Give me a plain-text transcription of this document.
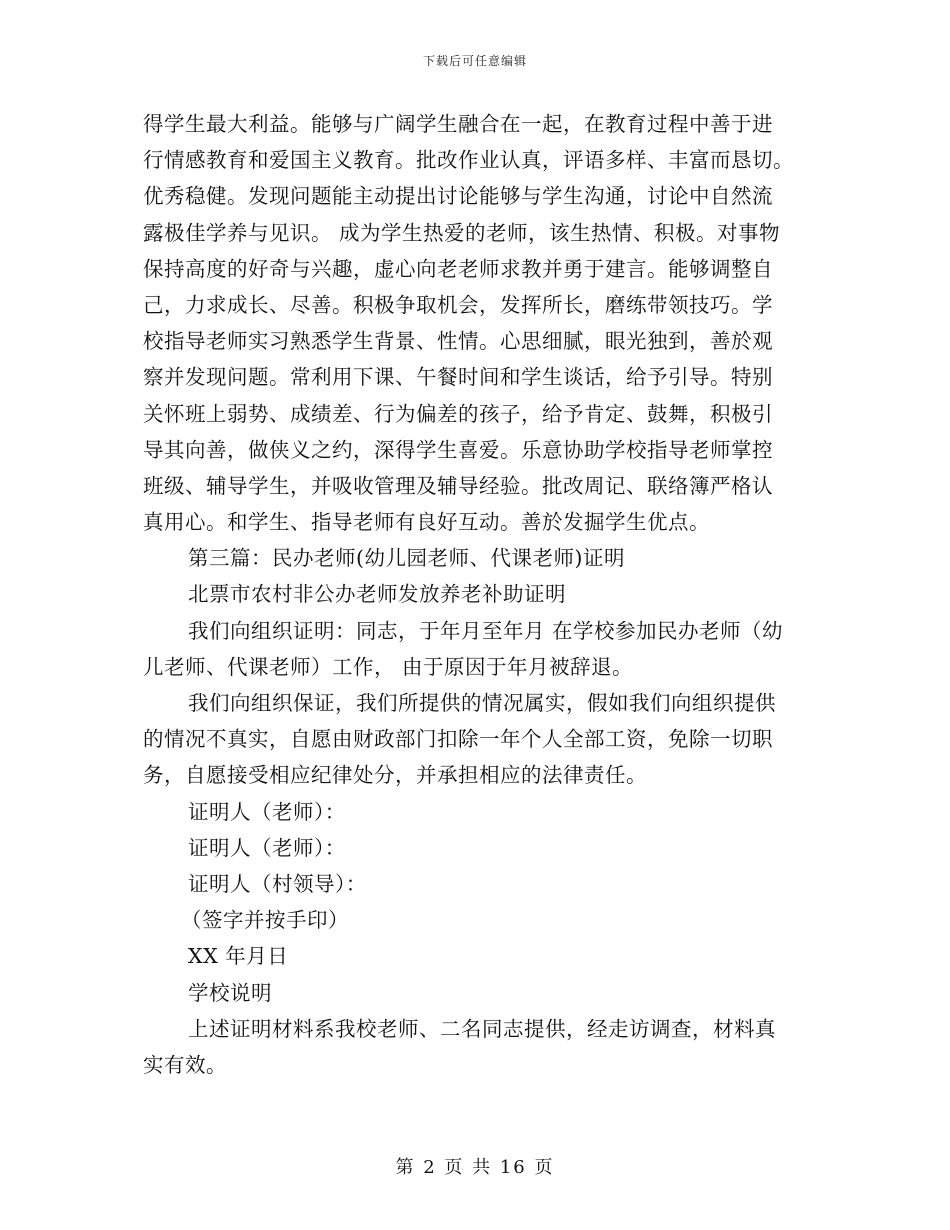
下载后可任意编辑
得学生最大利益。能够与广阔学生融合在一起，在教育过程中善于进
行情感教育和爱国主义教育。批改作业认真，评语多样、丰富而恳切。
优秀稳健。发现问题能主动提出讨论能够与学生沟通，讨论中自然流
露极佳学养与见识。 成为学生热爱的老师，该生热情、积极。对事物
保持高度的好奇与兴趣，虚心向老老师求教并勇于建言。能够调整自
己，力求成长、尽善。积极争取机会，发挥所长，磨练带领技巧。学
校指导老师实习熟悉学生背景、性情。心思细腻，眼光独到，善於观
察并发现问题。常利用下课、午餐时间和学生谈话，给予引导。特别
关怀班上弱势、成绩差、行为偏差的孩子，给予肯定、鼓舞，积极引
导其向善，做侠义之约，深得学生喜爱。乐意协助学校指导老师掌控
班级、辅导学生，并吸收管理及辅导经验。批改周记、联络簿严格认
真用心。和学生、指导老师有良好互动。善於发掘学生优点。
第三篇：民办老师(幼儿园老师、代课老师)证明
北票市农村非公办老师发放养老补助证明
我们向组织证明：同志，于年月至年月 在学校参加民办老师（幼
儿老师、代课老师）工作， 由于原因于年月被辞退。
我们向组织保证，我们所提供的情况属实，假如我们向组织提供
的情况不真实，自愿由财政部门扣除一年个人全部工资，免除一切职
务，自愿接受相应纪律处分，并承担相应的法律责任。
证明人（老师）：
证明人（老师）：
证明人（村领导）：
（签字并按手印）
XX 年月日
学校说明
上述证明材料系我校老师、二名同志提供，经走访调查，材料真
实有效。
第 2 页 共 16 页
